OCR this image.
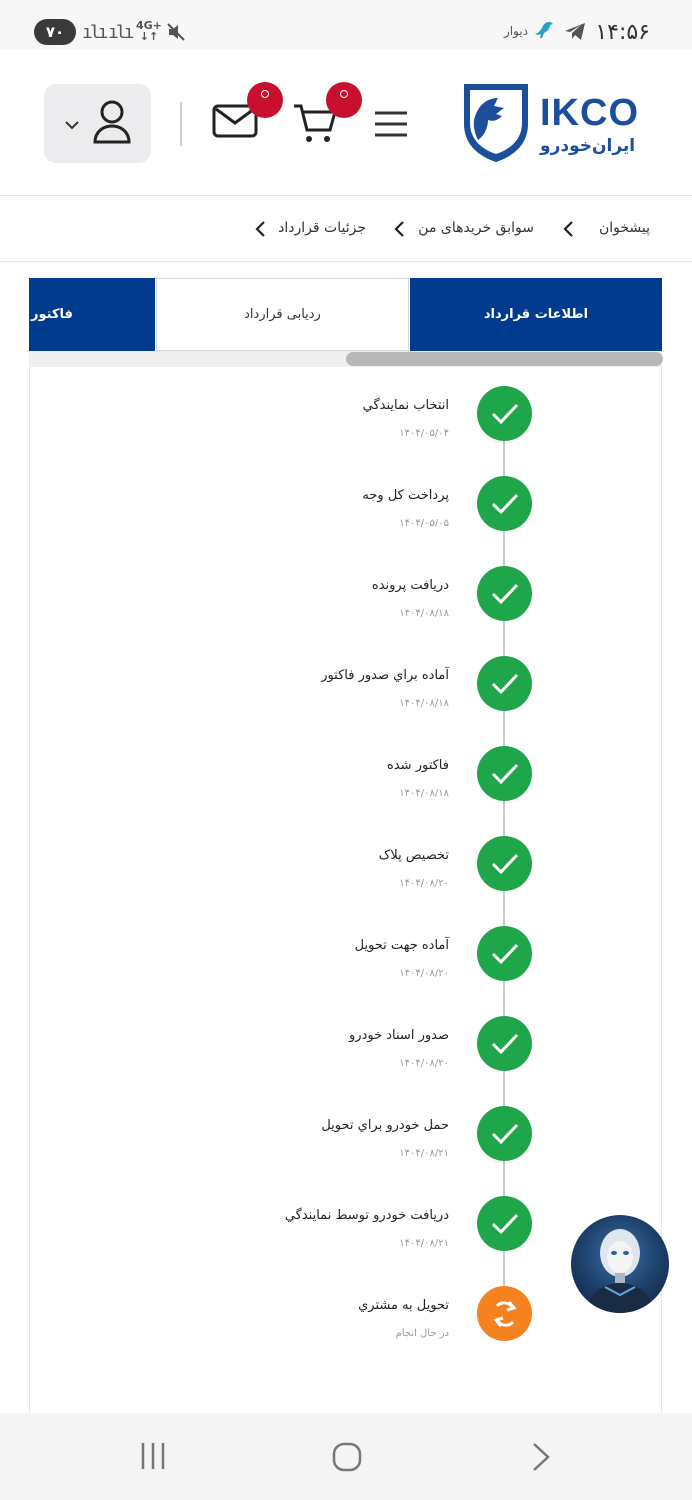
۷۰ ılı ılı 4G+
↓↑	دیوار	۱۴:۵۶
IKCO
ایران‌خودرو
پیشخوان
سوابق خریدهای من
جزئیات قرارداد
اطلاعات قرارداد
ردیابی قرارداد
فاکتور
انتخاب نمايندگي
۱۴۰۴/۰۵/۰۴
پرداخت کل وجه
۱۴۰۴/۰۵/۰۵
دریافت پرونده
۱۴۰۴/۰۸/۱۸
آماده براي صدور فاکتور
۱۴۰۴/۰۸/۱۸
فاکتور شده
۱۴۰۴/۰۸/۱۸
تخصيص پلاک
۱۴۰۴/۰۸/۲۰
آماده جهت تحويل
۱۴۰۴/۰۸/۲۰
صدور اسناد خودرو
۱۴۰۴/۰۸/۲۰
حمل خودرو براي تحويل
۱۴۰۴/۰۸/۲۱
دریافت خودرو توسط نمايندگي
۱۴۰۴/۰۸/۲۱
تحويل به مشتري
در حال انجام
